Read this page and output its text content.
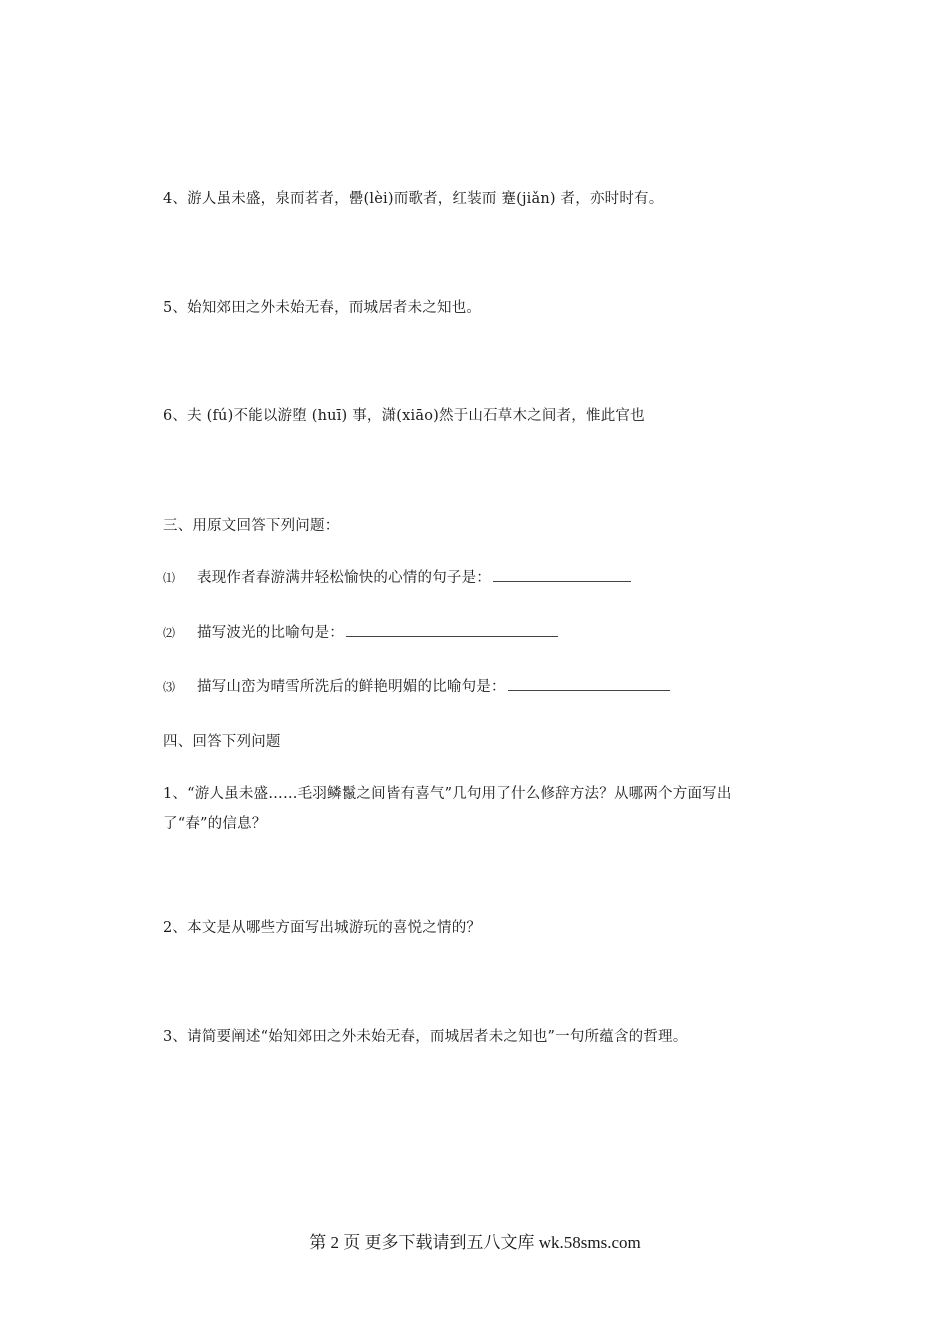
4、游人虽未盛，泉而茗者，罍(lèi)而歌者，红装而 蹇(jiǎn) 者，亦时时有。
5、始知郊田之外未始无春，而城居者未之知也。
6、夫 (fú)不能以游堕 (huī) 事，潇(xiāo)然于山石草木之间者，惟此官也
三、用原文回答下列问题：
⑴ 表现作者春游满井轻松愉快的心情的句子是：
⑵ 描写波光的比喻句是：
⑶ 描写山峦为晴雪所洗后的鲜艳明媚的比喻句是：
四、回答下列问题
1、“游人虽未盛……毛羽鳞鬣之间皆有喜气”几句用了什么修辞方法？从哪两个方面写出了“春”的信息？
2、本文是从哪些方面写出城游玩的喜悦之情的？
3、请简要阐述“始知郊田之外未始无春，而城居者未之知也”一句所蕴含的哲理。
第 2 页 更多下载请到五八文库 wk.58sms.com
